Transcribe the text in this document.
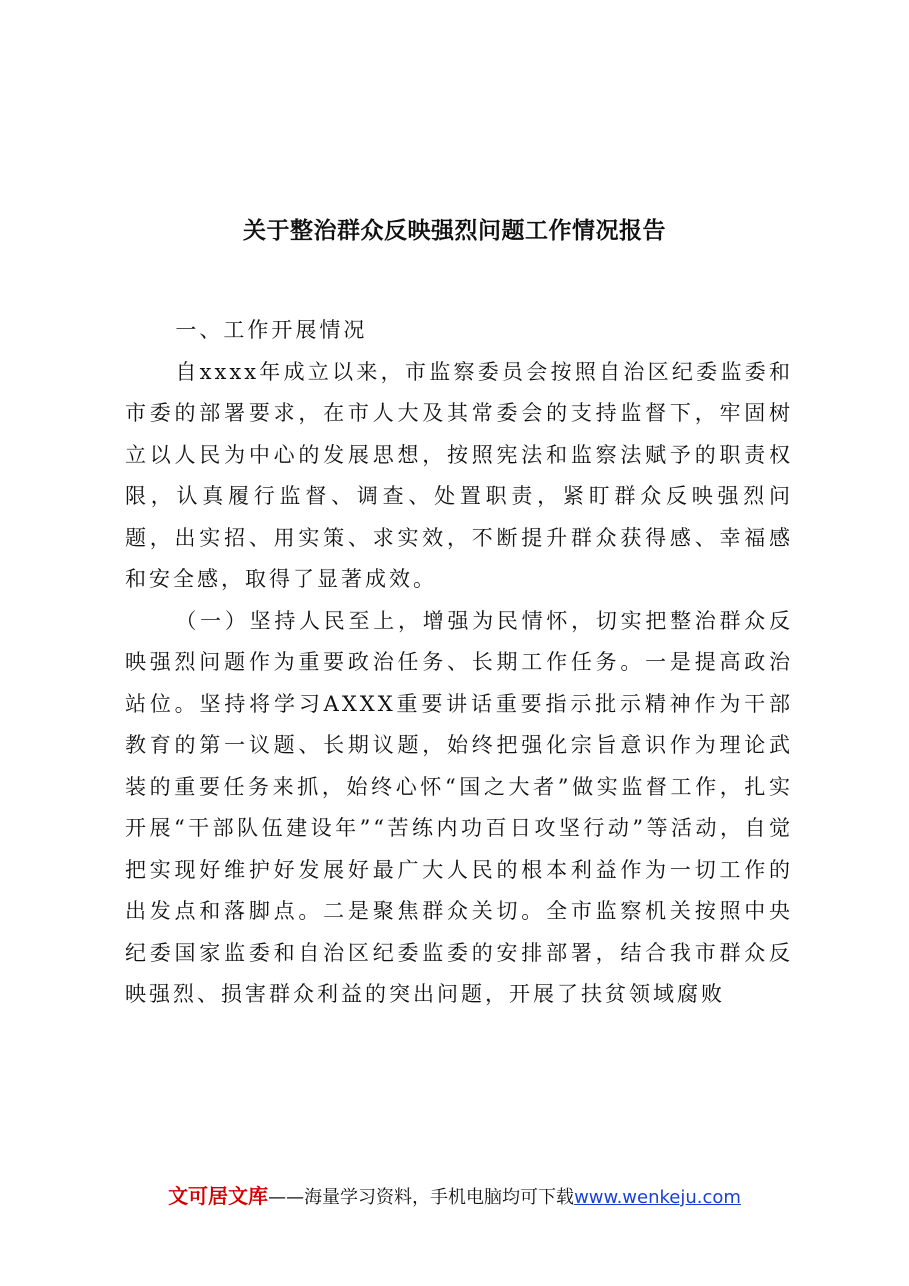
关于整治群众反映强烈问题工作情况报告

一、工作开展情况

自xxxx年成立以来，市监察委员会按照自治区纪委监委和市委的部署要求，在市人大及其常委会的支持监督下，牢固树立以人民为中心的发展思想，按照宪法和监察法赋予的职责权限，认真履行监督、调查、处置职责，紧盯群众反映强烈问题，出实招、用实策、求实效，不断提升群众获得感、幸福感和安全感，取得了显著成效。

（一）坚持人民至上，增强为民情怀，切实把整治群众反映强烈问题作为重要政治任务、长期工作任务。一是提高政治站位。坚持将学习AXXX重要讲话重要指示批示精神作为干部教育的第一议题、长期议题，始终把强化宗旨意识作为理论武装的重要任务来抓，始终心怀“国之大者”做实监督工作，扎实开展“干部队伍建设年”“苦练内功百日攻坚行动”等活动，自觉把实现好维护好发展好最广大人民的根本利益作为一切工作的出发点和落脚点。二是聚焦群众关切。全市监察机关按照中央纪委国家监委和自治区纪委监委的安排部署，结合我市群众反映强烈、损害群众利益的突出问题，开展了扶贫领域腐败

文可居文库——海量学习资料，手机电脑均可下载www.wenkeju.com
